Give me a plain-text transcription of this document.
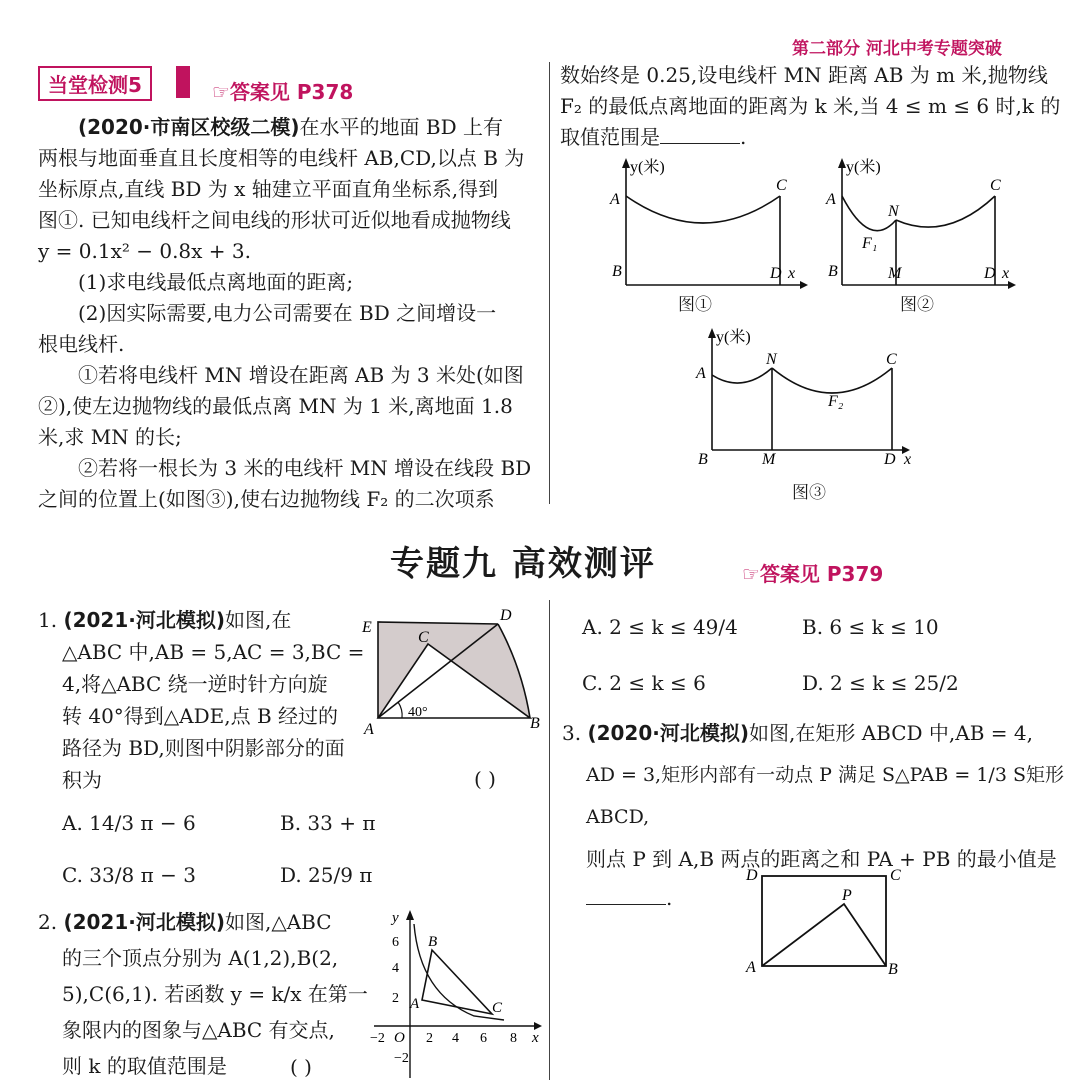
第二部分 河北中考专题突破
当堂检测5	☞答案见 P378

(2020·市南区校级二模)在水平的地面 BD 上有

两根与地面垂直且长度相等的电线杆 AB,CD,以点 B 为

坐标原点,直线 BD 为 x 轴建立平面直角坐标系,得到

图①. 已知电线杆之间电线的形状可近似地看成抛物线

y = 0.1x² − 0.8x + 3.

(1)求电线最低点离地面的距离;

(2)因实际需要,电力公司需要在 BD 之间增设一

根电线杆.

①若将电线杆 MN 增设在距离 AB 为 3 米处(如图

②),使左边抛物线的最低点离 MN 为 1 米,离地面 1.8

米,求 MN 的长;

②若将一根长为 3 米的电线杆 MN 增设在线段 BD

之间的位置上(如图③),使右边抛物线 F₂ 的二次项系

数始终是 0.25,设电线杆 MN 距离 AB 为 m 米,抛物线

F₂ 的最低点离地面的距离为 k 米,当 4 ≤ m ≤ 6 时,k 的

取值范围是	.

y(米)
A
B
C
D x
图①
y(米)
A
B
C
D x
M
N
F₁
图②
y(米)
A
B
C
D x
M
N
F₂
图③
专题九 高效测评	☞答案见 P379

1. (2021·河北模拟)如图,在

△ABC 中,AB = 5,AC = 3,BC =

4,将△ABC 绕一逆时针方向旋

转 40°得到△ADE,点 B 经过的

路径为 BD,则图中阴影部分的面

积为	( )
A. 14/3 π − 6	B. 33 + π
C. 33/8 π − 3	D. 25/9 π
E
D
C
A	B
40°

2. (2021·河北模拟)如图,△ABC

的三个顶点分别为 A(1,2),B(2,

5),C(6,1). 若函数 y = k/x 在第一

象限内的图象与△ABC 有交点,

则 k 的取值范围是	( )
y
x
O
A
B
C
6
4
2
−2
2 4 6 8
−2
A. 2 ≤ k ≤ 49/4	B. 6 ≤ k ≤ 10
C. 2 ≤ k ≤ 6	D. 2 ≤ k ≤ 25/2

3. (2020·河北模拟)如图,在矩形 ABCD 中,AB = 4,

AD = 3,矩形内部有一动点 P 满足 S△PAB = 1/3 S矩形ABCD,

则点 P 到 A,B 两点的距离之和 PA + PB 的最小值是

.

D	C
A	B
P
